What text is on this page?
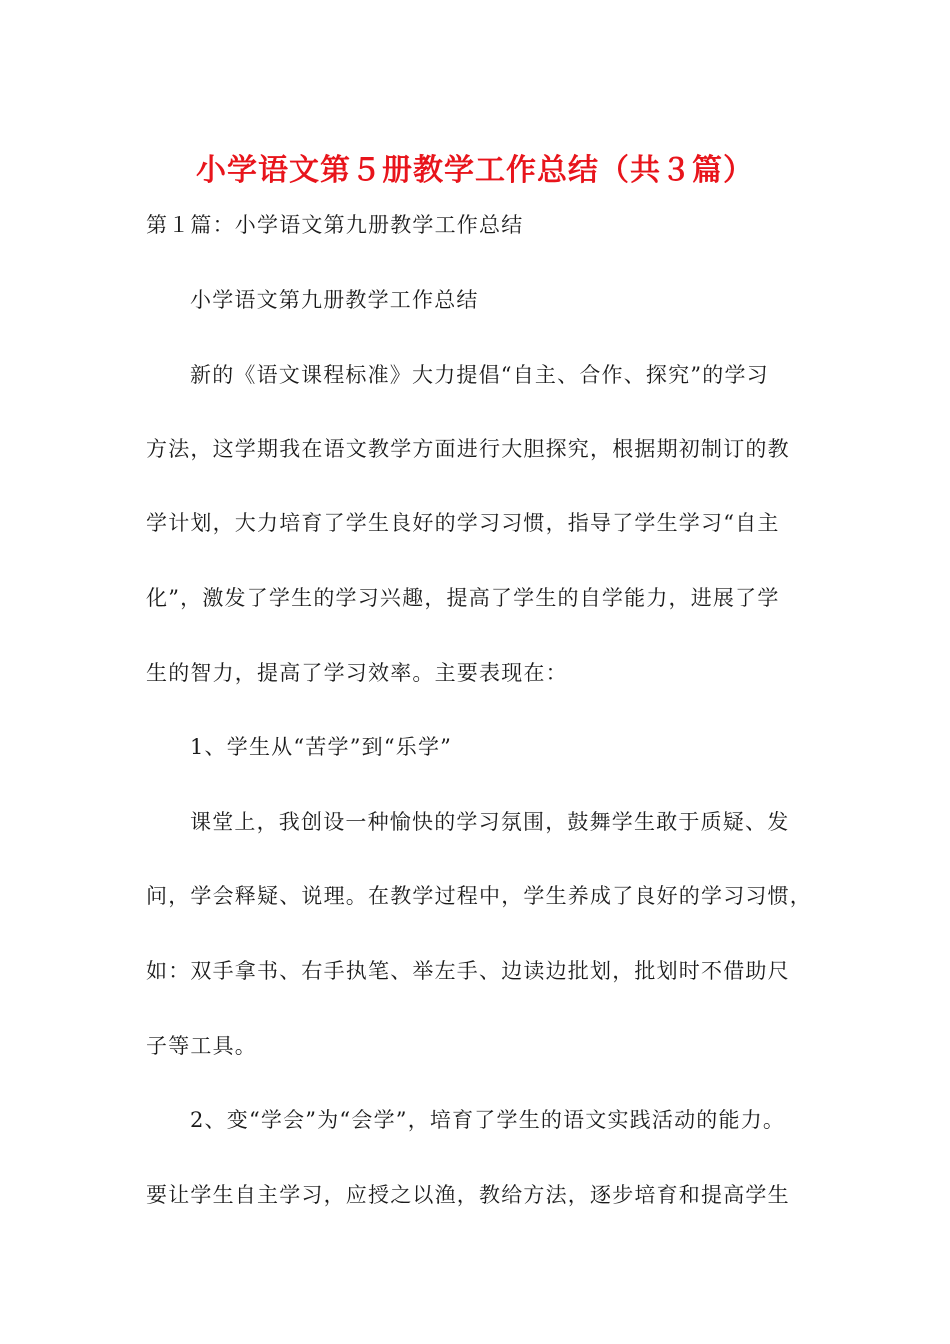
小学语文第５册教学工作总结（共３篇）
第１篇：小学语文第九册教学工作总结
小学语文第九册教学工作总结
新的《语文课程标准》大力提倡“自主、合作、探究”的学习
方法，这学期我在语文教学方面进行大胆探究，根据期初制订的教
学计划，大力培育了学生良好的学习习惯，指导了学生学习“自主
化”，激发了学生的学习兴趣，提高了学生的自学能力，进展了学
生的智力，提高了学习效率。主要表现在：
1、学生从“苦学”到“乐学”
课堂上，我创设一种愉快的学习氛围，鼓舞学生敢于质疑、发
问，学会释疑、说理。在教学过程中，学生养成了良好的学习习惯，
如：双手拿书、右手执笔、举左手、边读边批划，批划时不借助尺
子等工具。
2、变“学会”为“会学”，培育了学生的语文实践活动的能力。
要让学生自主学习，应授之以渔，教给方法，逐步培育和提高学生
